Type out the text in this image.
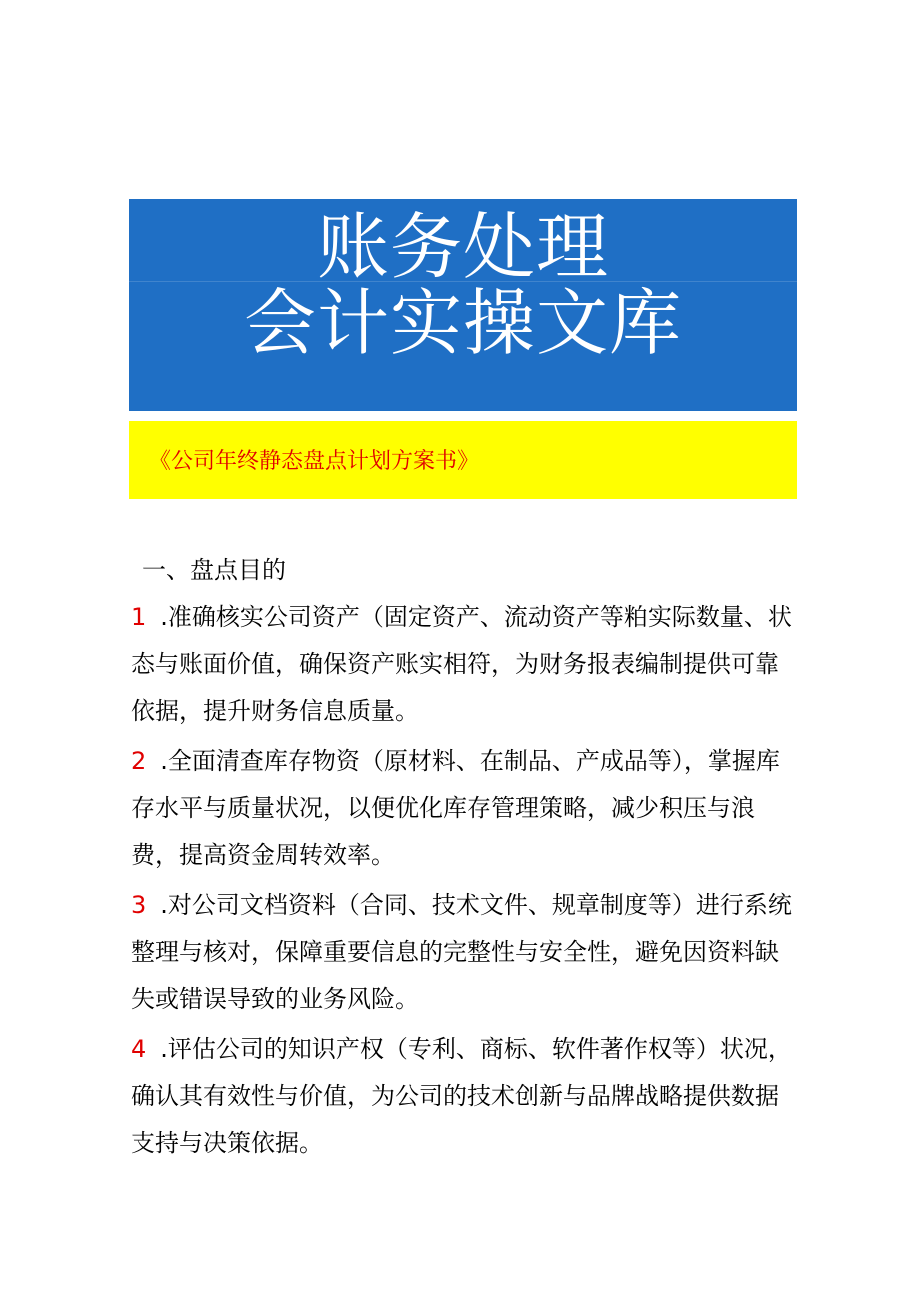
账务处理
会计实操文库
《公司年终静态盘点计划方案书》
一、盘点目的

1 .准确核实公司资产（固定资产、流动资产等粕实际数量、状态与账面价值，确保资产账实相符，为财务报表编制提供可靠依据，提升财务信息质量。

2 .全面清查库存物资（原材料、在制品、产成品等），掌握库存水平与质量状况，以便优化库存管理策略，减少积压与浪费，提高资金周转效率。

3 .对公司文档资料（合同、技术文件、规章制度等）进行系统整理与核对，保障重要信息的完整性与安全性，避免因资料缺失或错误导致的业务风险。

4 .评估公司的知识产权（专利、商标、软件著作权等）状况，确认其有效性与价值，为公司的技术创新与品牌战略提供数据支持与决策依据。
